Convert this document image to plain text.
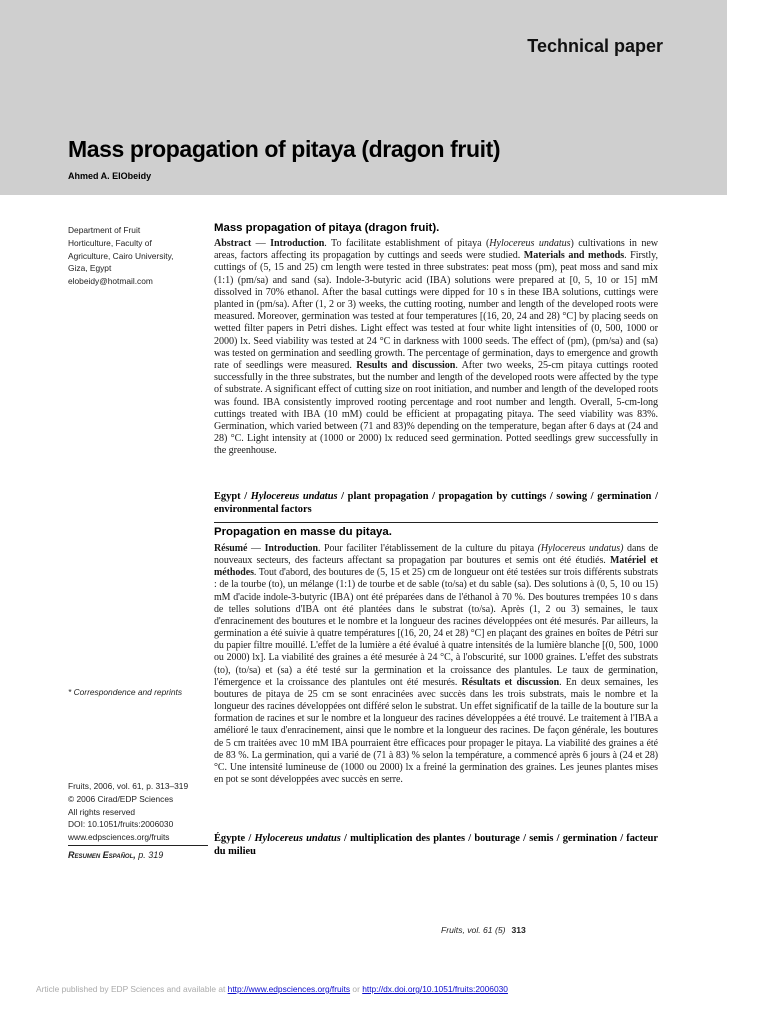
Technical paper
Mass propagation of pitaya (dragon fruit)
Ahmed A. ElObeidy
Department of Fruit
Horticulture, Faculty of
Agriculture, Cairo University,
Giza, Egypt
elobeidy@hotmail.com
* Correspondence and reprints
Fruits, 2006, vol. 61, p. 313–319
© 2006 Cirad/EDP Sciences
All rights reserved
DOI: 10.1051/fruits:2006030
www.edpsciences.org/fruits
Resumen Español, p. 319
Mass propagation of pitaya (dragon fruit).
Abstract — Introduction. To facilitate establishment of pitaya (Hylocereus undatus) cultivations in new areas, factors affecting its propagation by cuttings and seeds were studied. Materials and methods. Firstly, cuttings of (5, 15 and 25) cm length were tested in three substrates: peat moss (pm), peat moss and sand mix (1:1) (pm/sa) and sand (sa). Indole-3-butyric acid (IBA) solutions were prepared at [0, 5, 10 or 15] mM dissolved in 70% ethanol. After the basal cuttings were dipped for 10 s in these IBA solutions, cuttings were planted in (pm/sa). After (1, 2 or 3) weeks, the cutting rooting, number and length of the developed roots were measured. Moreover, germination was tested at four temperatures [(16, 20, 24 and 28) °C] by placing seeds on wetted filter papers in Petri dishes. Light effect was tested at four white light intensities of (0, 500, 1000 or 2000) lx. Seed viability was tested at 24 °C in darkness with 1000 seeds. The effect of (pm), (pm/sa) and (sa) was tested on germination and seedling growth. The percentage of germination, days to emergence and growth rate of seedlings were measured. Results and discussion. After two weeks, 25-cm pitaya cuttings rooted successfully in the three substrates, but the number and length of the developed roots were affected by the type of substrate. A significant effect of cutting size on root initiation, and number and length of the developed roots was found. IBA consistently improved rooting percentage and root number and length. Overall, 5-cm-long cuttings treated with IBA (10 mM) could be efficient at propagating pitaya. The seed viability was 83%. Germination, which varied between (71 and 83)% depending on the temperature, began after 6 days at (24 and 28) °C. Light intensity at (1000 or 2000) lx reduced seed germination. Potted seedlings grew successfully in the greenhouse.
Egypt / Hylocereus undatus / plant propagation / propagation by cuttings / sowing / germination / environmental factors
Propagation en masse du pitaya.
Résumé — Introduction. Pour faciliter l'établissement de la culture du pitaya (Hylocereus undatus) dans de nouveaux secteurs, des facteurs affectant sa propagation par boutures et semis ont été étudiés. Matériel et méthodes. Tout d'abord, des boutures de (5, 15 et 25) cm de longueur ont été testées sur trois différents substrats : de la tourbe (to), un mélange (1:1) de tourbe et de sable (to/sa) et du sable (sa). Des solutions à (0, 5, 10 ou 15) mM d'acide indole-3-butyric (IBA) ont été préparées dans de l'éthanol à 70 %. Des boutures trempées 10 s dans de telles solutions d'IBA ont été plantées dans le substrat (to/sa). Après (1, 2 ou 3) semaines, le taux d'enracinement des boutures et le nombre et la longueur des racines développées ont été mesurés. Par ailleurs, la germination a été suivie à quatre températures [(16, 20, 24 et 28) °C] en plaçant des graines en boîtes de Pétri sur du papier filtre mouillé. L'effet de la lumière a été évalué à quatre intensités de la lumière blanche [(0, 500, 1000 ou 2000) lx]. La viabilité des graines a été mesurée à 24 °C, à l'obscurité, sur 1000 graines. L'effet des substrats (to), (to/sa) et (sa) a été testé sur la germination et la croissance des plantules. Le taux de germination, l'émergence et la croissance des plantules ont été mesurés. Résultats et discussion. En deux semaines, les boutures de pitaya de 25 cm se sont enracinées avec succès dans les trois substrats, mais le nombre et la longueur des racines développées ont différé selon le substrat. Un effet significatif de la taille de la bouture sur la formation de racines et sur le nombre et la longueur des racines développées a été trouvé. Le traitement à l'IBA a amélioré le taux d'enracinement, ainsi que le nombre et la longueur des racines. De façon générale, les boutures de 5 cm traitées avec 10 mM IBA pourraient être efficaces pour propager le pitaya. La viabilité des graines a été de 83 %. La germination, qui a varié de (71 à 83) % selon la température, a commencé après 6 jours à (24 et 28) °C. Une intensité lumineuse de (1000 ou 2000) lx a freiné la germination des graines. Les jeunes plantes mises en pot se sont développées avec succès en serre.
Égypte / Hylocereus undatus / multiplication des plantes / bouturage / semis / germination / facteur du milieu
Fruits, vol. 61 (5) 313
Article published by EDP Sciences and available at http://www.edpsciences.org/fruits or http://dx.doi.org/10.1051/fruits:2006030
